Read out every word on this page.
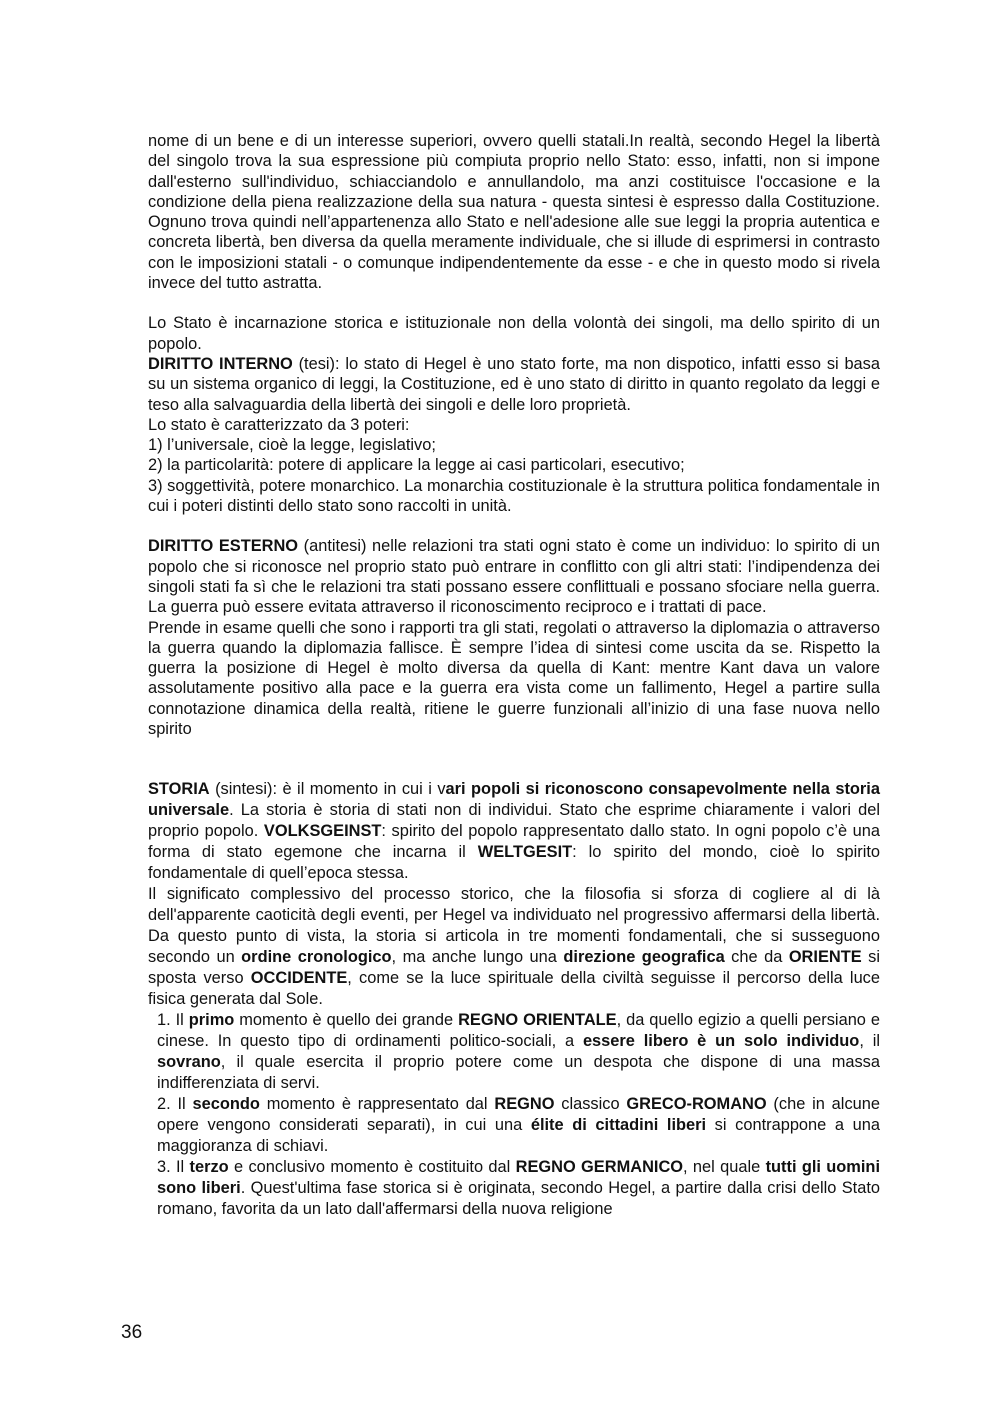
nome di un bene e di un interesse superiori, ovvero quelli statali.In realtà, secondo Hegel la libertà del singolo trova la sua espressione più compiuta proprio nello Stato: esso, infatti, non si impone dall'esterno sull'individuo, schiacciandolo e annullandolo, ma anzi costituisce l'occasione e la condizione della piena realizzazione della sua natura - questa sintesi è espresso dalla Costituzione. Ognuno trova quindi nell’appartenenza allo Stato e nell'adesione alle sue leggi la propria autentica e concreta libertà, ben diversa da quella meramente individuale, che si illude di esprimersi in contrasto con le imposizioni statali - o comunque indipendentemente da esse - e che in questo modo si rivela invece del tutto astratta.

Lo Stato è incarnazione storica e istituzionale non della volontà dei singoli, ma dello spirito di un popolo.

DIRITTO INTERNO (tesi): lo stato di Hegel è uno stato forte, ma non dispotico, infatti esso si basa su un sistema organico di leggi, la Costituzione, ed è uno stato di diritto in quanto regolato da leggi e teso alla salvaguardia della libertà dei singoli e delle loro proprietà.

Lo stato è caratterizzato da 3 poteri:

1) l’universale, cioè la legge, legislativo;

2) la particolarità: potere di applicare la legge ai casi particolari, esecutivo;

3) soggettività, potere monarchico. La monarchia costituzionale è la struttura politica fondamentale in cui i poteri distinti dello stato sono raccolti in unità.

DIRITTO ESTERNO (antitesi) nelle relazioni tra stati ogni stato è come un individuo: lo spirito di un popolo che si riconosce nel proprio stato può entrare in conflitto con gli altri stati: l’indipendenza dei singoli stati fa sì che le relazioni tra stati possano essere conflittuali e possano sfociare nella guerra. La guerra può essere evitata attraverso il riconoscimento reciproco e i trattati di pace.

Prende in esame quelli che sono i rapporti tra gli stati, regolati o attraverso la diplomazia o attraverso la guerra quando la diplomazia fallisce. È sempre l’idea di sintesi come uscita da se. Rispetto la guerra la posizione di Hegel è molto diversa da quella di Kant: mentre Kant dava un valore assolutamente positivo alla pace e la guerra era vista come un fallimento, Hegel a partire sulla connotazione dinamica della realtà, ritiene le guerre funzionali all’inizio di una fase nuova nello spirito

STORIA (sintesi): è il momento in cui i vari popoli si riconoscono consapevolmente nella storia universale. La storia è storia di stati non di individui. Stato che esprime chiaramente i valori del proprio popolo. VOLKSGEINST: spirito del popolo rappresentato dallo stato. In ogni popolo c’è una forma di stato egemone che incarna il WELTGESIT: lo spirito del mondo, cioè lo spirito fondamentale di quell’epoca stessa.

Il significato complessivo del processo storico, che la filosofia si sforza di cogliere al di là dell'apparente caoticità degli eventi, per Hegel va individuato nel progressivo affermarsi della libertà. Da questo punto di vista, la storia si articola in tre momenti fondamentali, che si susseguono secondo un ordine cronologico, ma anche lungo una direzione geografica che da ORIENTE si sposta verso OCCIDENTE, come se la luce spirituale della civiltà seguisse il percorso della luce fisica generata dal Sole.

1. Il primo momento è quello dei grande REGNO ORIENTALE, da quello egizio a quelli persiano e cinese. In questo tipo di ordinamenti politico-sociali, a essere libero è un solo individuo, il sovrano, il quale esercita il proprio potere come un despota che dispone di una massa indifferenziata di servi.

2. Il secondo momento è rappresentato dal REGNO classico GRECO-ROMANO (che in alcune opere vengono considerati separati), in cui una élite di cittadini liberi si contrappone a una maggioranza di schiavi.

3. Il terzo e conclusivo momento è costituito dal REGNO GERMANICO, nel quale tutti gli uomini sono liberi. Quest'ultima fase storica si è originata, secondo Hegel, a partire dalla crisi dello Stato romano, favorita da un lato dall'affermarsi della nuova religione

36
